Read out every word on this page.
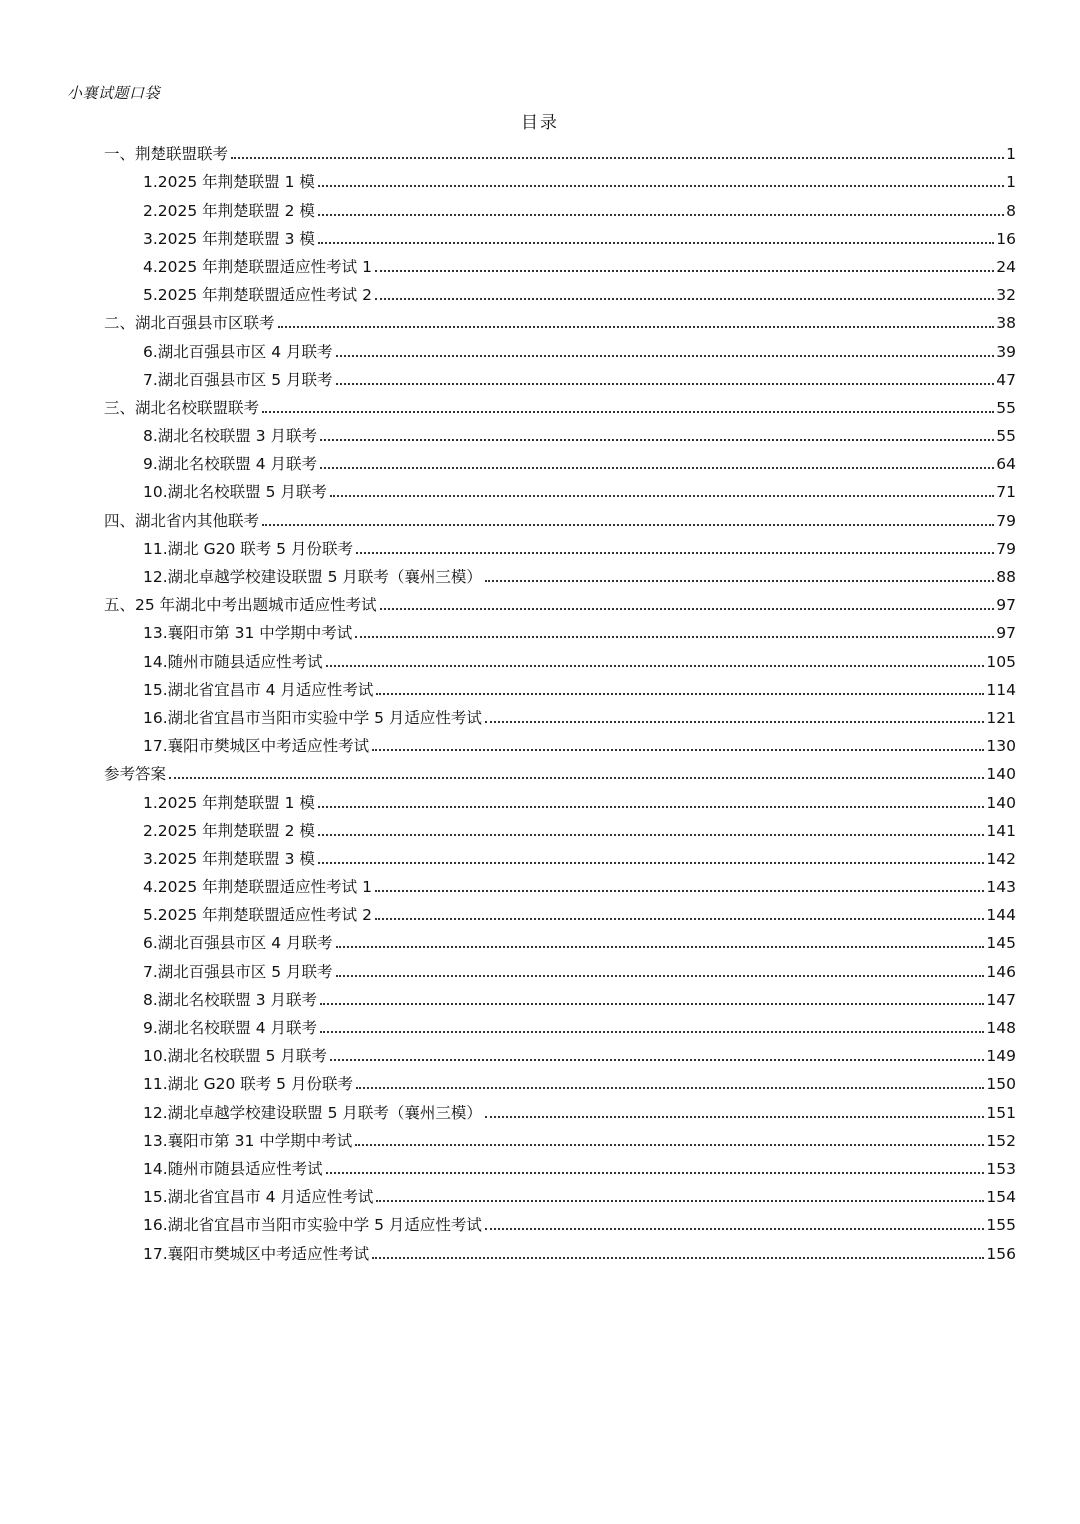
小襄试题口袋
目录
一、荆楚联盟联考	1
1.2025 年荆楚联盟 1 模	1
2.2025 年荆楚联盟 2 模	8
3.2025 年荆楚联盟 3 模	16
4.2025 年荆楚联盟适应性考试 1	24
5.2025 年荆楚联盟适应性考试 2	32
二、湖北百强县市区联考	38
6.湖北百强县市区 4 月联考	39
7.湖北百强县市区 5 月联考	47
三、湖北名校联盟联考	55
8.湖北名校联盟 3 月联考	55
9.湖北名校联盟 4 月联考	64
10.湖北名校联盟 5 月联考	71
四、湖北省内其他联考	79
11.湖北 G20 联考 5 月份联考	79
12.湖北卓越学校建设联盟 5 月联考（襄州三模）	88
五、25 年湖北中考出题城市适应性考试	97
13.襄阳市第 31 中学期中考试	97
14.随州市随县适应性考试	105
15.湖北省宜昌市 4 月适应性考试	114
16.湖北省宜昌市当阳市实验中学 5 月适应性考试	121
17.襄阳市樊城区中考适应性考试	130
参考答案	140
1.2025 年荆楚联盟 1 模	140
2.2025 年荆楚联盟 2 模	141
3.2025 年荆楚联盟 3 模	142
4.2025 年荆楚联盟适应性考试 1	143
5.2025 年荆楚联盟适应性考试 2	144
6.湖北百强县市区 4 月联考	145
7.湖北百强县市区 5 月联考	146
8.湖北名校联盟 3 月联考	147
9.湖北名校联盟 4 月联考	148
10.湖北名校联盟 5 月联考	149
11.湖北 G20 联考 5 月份联考	150
12.湖北卓越学校建设联盟 5 月联考（襄州三模）	151
13.襄阳市第 31 中学期中考试	152
14.随州市随县适应性考试	153
15.湖北省宜昌市 4 月适应性考试	154
16.湖北省宜昌市当阳市实验中学 5 月适应性考试	155
17.襄阳市樊城区中考适应性考试	156
